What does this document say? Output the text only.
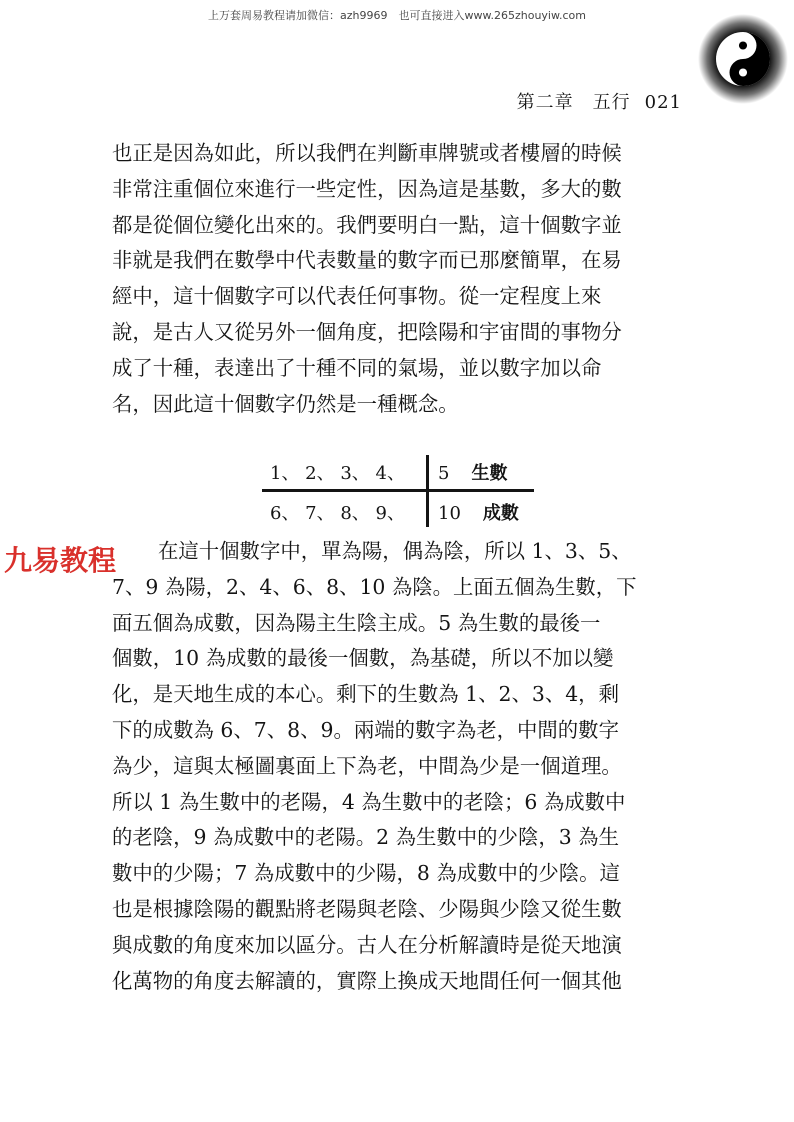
上万套周易教程请加微信：azh9969　也可直接进入www.265zhouyiw.com
第二章　五行 021
也正是因為如此，所以我們在判斷車牌號或者樓層的時候
非常注重個位來進行一些定性，因為這是基數，多大的數
都是從個位變化出來的。我們要明白一點，這十個數字並
非就是我們在數學中代表數量的數字而已那麼簡單，在易
經中，這十個數字可以代表任何事物。從一定程度上來
說，是古人又從另外一個角度，把陰陽和宇宙間的事物分
成了十種，表達出了十種不同的氣場，並以數字加以命
名，因此這十個數字仍然是一種概念。
1、 2、 3、 4、 5 生數
6、 7、 8、 9、 10 成數
九易教程	在這十個數字中，單為陽，偶為陰，所以 1、3、5、
7、9 為陽，2、4、6、8、10 為陰。上面五個為生數，下
面五個為成數，因為陽主生陰主成。5 為生數的最後一
個數，10 為成數的最後一個數，為基礎，所以不加以變
化，是天地生成的本心。剩下的生數為 1、2、3、4，剩
下的成數為 6、7、8、9。兩端的數字為老，中間的數字
為少，這與太極圖裏面上下為老，中間為少是一個道理。
所以 1 為生數中的老陽，4 為生數中的老陰；6 為成數中
的老陰，9 為成數中的老陽。2 為生數中的少陰，3 為生
數中的少陽；7 為成數中的少陽，8 為成數中的少陰。這
也是根據陰陽的觀點將老陽與老陰、少陽與少陰又從生數
與成數的角度來加以區分。古人在分析解讀時是從天地演
化萬物的角度去解讀的，實際上換成天地間任何一個其他
